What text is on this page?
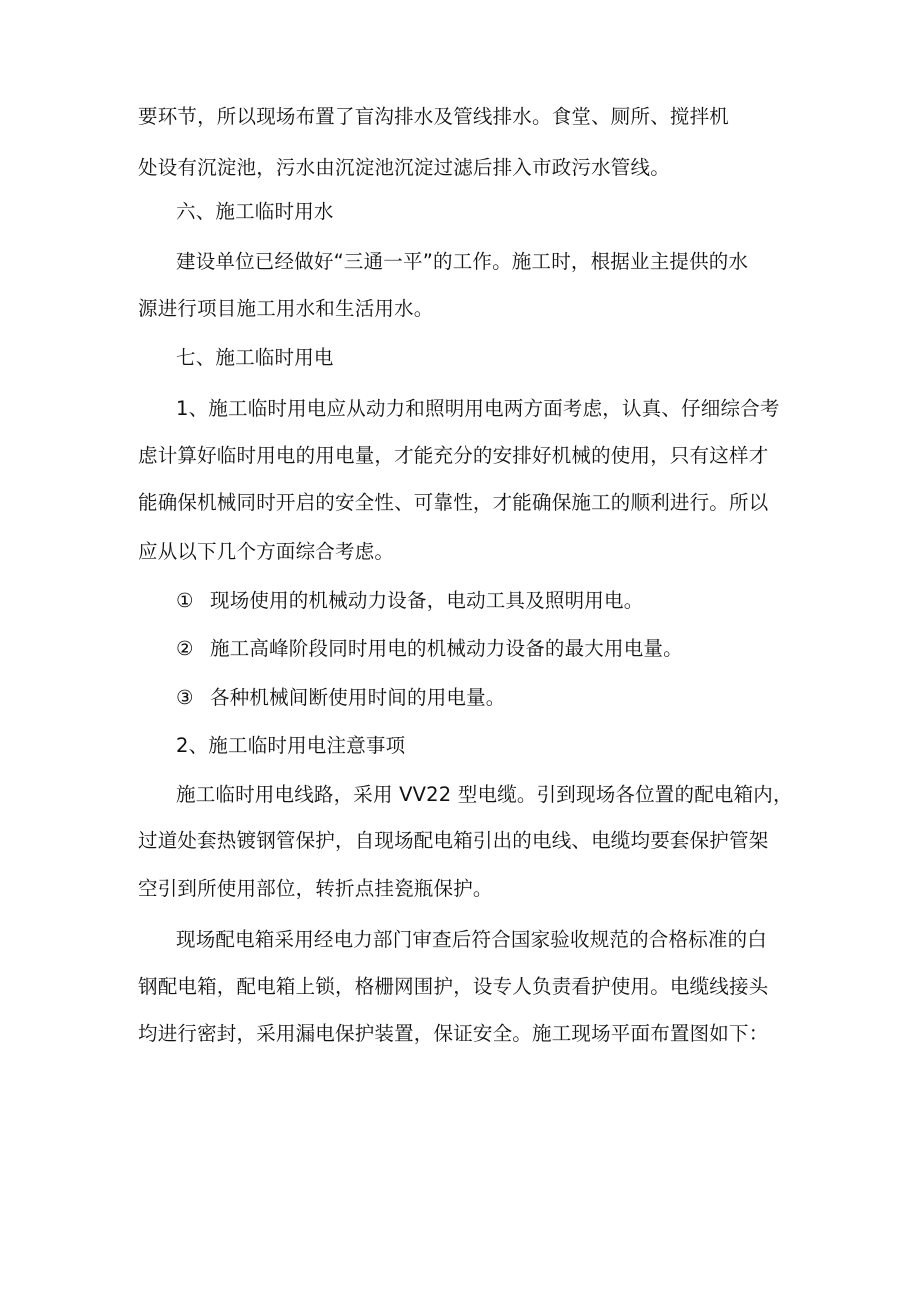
要环节，所以现场布置了盲沟排水及管线排水。食堂、厕所、搅拌机
处设有沉淀池，污水由沉淀池沉淀过滤后排入市政污水管线。
六、施工临时用水
建设单位已经做好“三通一平”的工作。施工时，根据业主提供的水
源进行项目施工用水和生活用水。
七、施工临时用电
1、施工临时用电应从动力和照明用电两方面考虑，认真、仔细综合考
虑计算好临时用电的用电量，才能充分的安排好机械的使用，只有这样才
能确保机械同时开启的安全性、可靠性，才能确保施工的顺利进行。所以
应从以下几个方面综合考虑。
① 现场使用的机械动力设备，电动工具及照明用电。
② 施工高峰阶段同时用电的机械动力设备的最大用电量。
③ 各种机械间断使用时间的用电量。
2、施工临时用电注意事项
施工临时用电线路，采用 VV22 型电缆。引到现场各位置的配电箱内，
过道处套热镀钢管保护，自现场配电箱引出的电线、电缆均要套保护管架
空引到所使用部位，转折点挂瓷瓶保护。
现场配电箱采用经电力部门审查后符合国家验收规范的合格标准的白
钢配电箱，配电箱上锁，格栅网围护，设专人负责看护使用。电缆线接头
均进行密封，采用漏电保护装置，保证安全。施工现场平面布置图如下：
